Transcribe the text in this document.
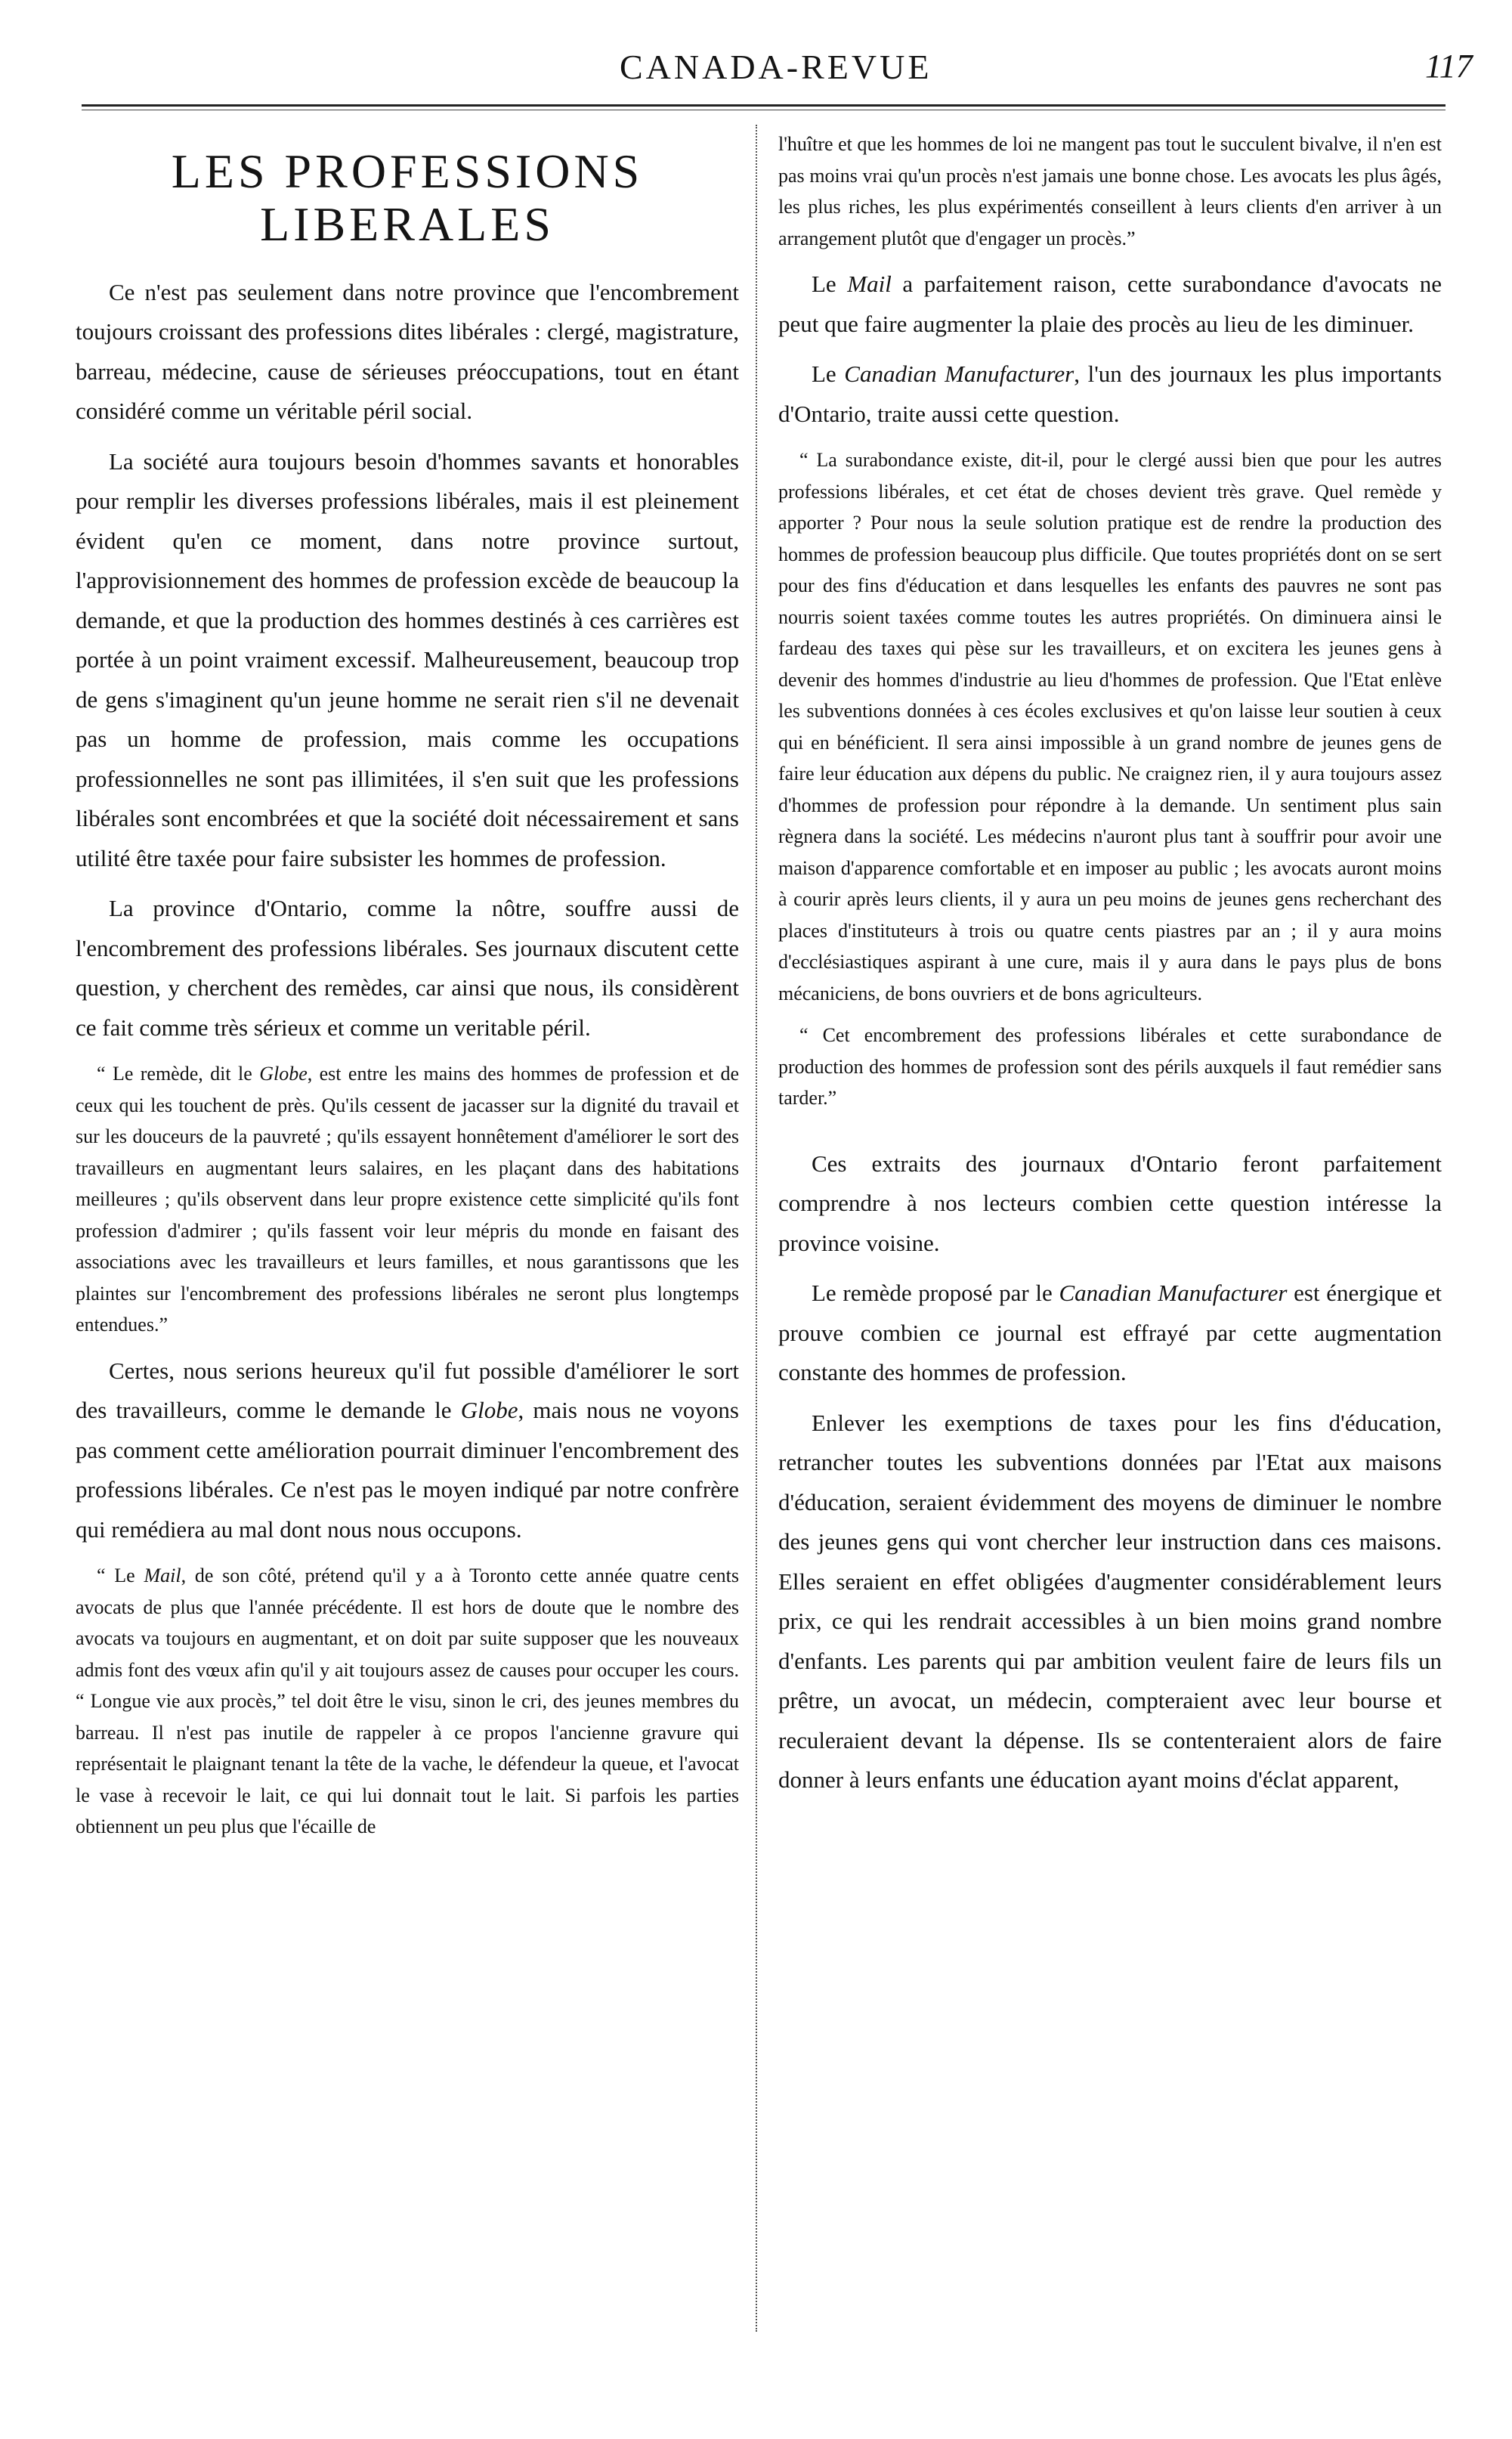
CANADA-REVUE	117
LES PROFESSIONS LIBERALES

Ce n'est pas seulement dans notre province que l'encombrement toujours croissant des professions dites libérales : clergé, magistrature, barreau, médecine, cause de sérieuses préoccupations, tout en étant considéré comme un véritable péril social.

La société aura toujours besoin d'hommes savants et honorables pour remplir les diverses professions libérales, mais il est pleinement évident qu'en ce moment, dans notre province surtout, l'approvisionnement des hommes de profession excède de beaucoup la demande, et que la production des hommes destinés à ces carrières est portée à un point vraiment excessif. Malheureusement, beaucoup trop de gens s'imaginent qu'un jeune homme ne serait rien s'il ne devenait pas un homme de profession, mais comme les occupations professionnelles ne sont pas illimitées, il s'en suit que les professions libérales sont encombrées et que la société doit nécessairement et sans utilité être taxée pour faire subsister les hommes de profession.

La province d'Ontario, comme la nôtre, souffre aussi de l'encombrement des professions libérales. Ses journaux discutent cette question, y cherchent des remèdes, car ainsi que nous, ils considèrent ce fait comme très sérieux et comme un veritable péril.

“ Le remède, dit le Globe, est entre les mains des hommes de profession et de ceux qui les touchent de près. Qu'ils cessent de jacasser sur la dignité du travail et sur les douceurs de la pauvreté ; qu'ils essayent honnêtement d'améliorer le sort des travailleurs en augmentant leurs salaires, en les plaçant dans des habitations meilleures ; qu'ils observent dans leur propre existence cette simplicité qu'ils font profession d'admirer ; qu'ils fassent voir leur mépris du monde en faisant des associations avec les travailleurs et leurs familles, et nous garantissons que les plaintes sur l'encombrement des professions libérales ne seront plus longtemps entendues.”

Certes, nous serions heureux qu'il fut possible d'améliorer le sort des travailleurs, comme le demande le Globe, mais nous ne voyons pas comment cette amélioration pourrait diminuer l'encombrement des professions libérales. Ce n'est pas le moyen indiqué par notre confrère qui remédiera au mal dont nous nous occupons.

“ Le Mail, de son côté, prétend qu'il y a à Toronto cette année quatre cents avocats de plus que l'année précédente. Il est hors de doute que le nombre des avocats va toujours en augmentant, et on doit par suite supposer que les nouveaux admis font des vœux afin qu'il y ait toujours assez de causes pour occuper les cours. “ Longue vie aux procès,” tel doit être le visu, sinon le cri, des jeunes membres du barreau. Il n'est pas inutile de rappeler à ce propos l'ancienne gravure qui représentait le plaignant tenant la tête de la vache, le défendeur la queue, et l'avocat le vase à recevoir le lait, ce qui lui donnait tout le lait. Si parfois les parties obtiennent un peu plus que l'écaille de

l'huître et que les hommes de loi ne mangent pas tout le succulent bivalve, il n'en est pas moins vrai qu'un procès n'est jamais une bonne chose. Les avocats les plus âgés, les plus riches, les plus expérimentés conseillent à leurs clients d'en arriver à un arrangement plutôt que d'engager un procès.”

Le Mail a parfaitement raison, cette surabondance d'avocats ne peut que faire augmenter la plaie des procès au lieu de les diminuer.

Le Canadian Manufacturer, l'un des journaux les plus importants d'Ontario, traite aussi cette question.

“ La surabondance existe, dit-il, pour le clergé aussi bien que pour les autres professions libérales, et cet état de choses devient très grave. Quel remède y apporter ? Pour nous la seule solution pratique est de rendre la production des hommes de profession beaucoup plus difficile. Que toutes propriétés dont on se sert pour des fins d'éducation et dans lesquelles les enfants des pauvres ne sont pas nourris soient taxées comme toutes les autres propriétés. On diminuera ainsi le fardeau des taxes qui pèse sur les travailleurs, et on excitera les jeunes gens à devenir des hommes d'industrie au lieu d'hommes de profession. Que l'Etat enlève les subventions données à ces écoles exclusives et qu'on laisse leur soutien à ceux qui en bénéficient. Il sera ainsi impossible à un grand nombre de jeunes gens de faire leur éducation aux dépens du public. Ne craignez rien, il y aura toujours assez d'hommes de profession pour répondre à la demande. Un sentiment plus sain règnera dans la société. Les médecins n'auront plus tant à souffrir pour avoir une maison d'apparence comfortable et en imposer au public ; les avocats auront moins à courir après leurs clients, il y aura un peu moins de jeunes gens recherchant des places d'instituteurs à trois ou quatre cents piastres par an ; il y aura moins d'ecclésiastiques aspirant à une cure, mais il y aura dans le pays plus de bons mécaniciens, de bons ouvriers et de bons agriculteurs.

“ Cet encombrement des professions libérales et cette surabondance de production des hommes de profession sont des périls auxquels il faut remédier sans tarder.”

Ces extraits des journaux d'Ontario feront parfaitement comprendre à nos lecteurs combien cette question intéresse la province voisine.

Le remède proposé par le Canadian Manufacturer est énergique et prouve combien ce journal est effrayé par cette augmentation constante des hommes de profession.

Enlever les exemptions de taxes pour les fins d'éducation, retrancher toutes les subventions données par l'Etat aux maisons d'éducation, seraient évidemment des moyens de diminuer le nombre des jeunes gens qui vont chercher leur instruction dans ces maisons. Elles seraient en effet obligées d'augmenter considérablement leurs prix, ce qui les rendrait accessibles à un bien moins grand nombre d'enfants. Les parents qui par ambition veulent faire de leurs fils un prêtre, un avocat, un médecin, compteraient avec leur bourse et reculeraient devant la dépense. Ils se contenteraient alors de faire donner à leurs enfants une éducation ayant moins d'éclat apparent,
